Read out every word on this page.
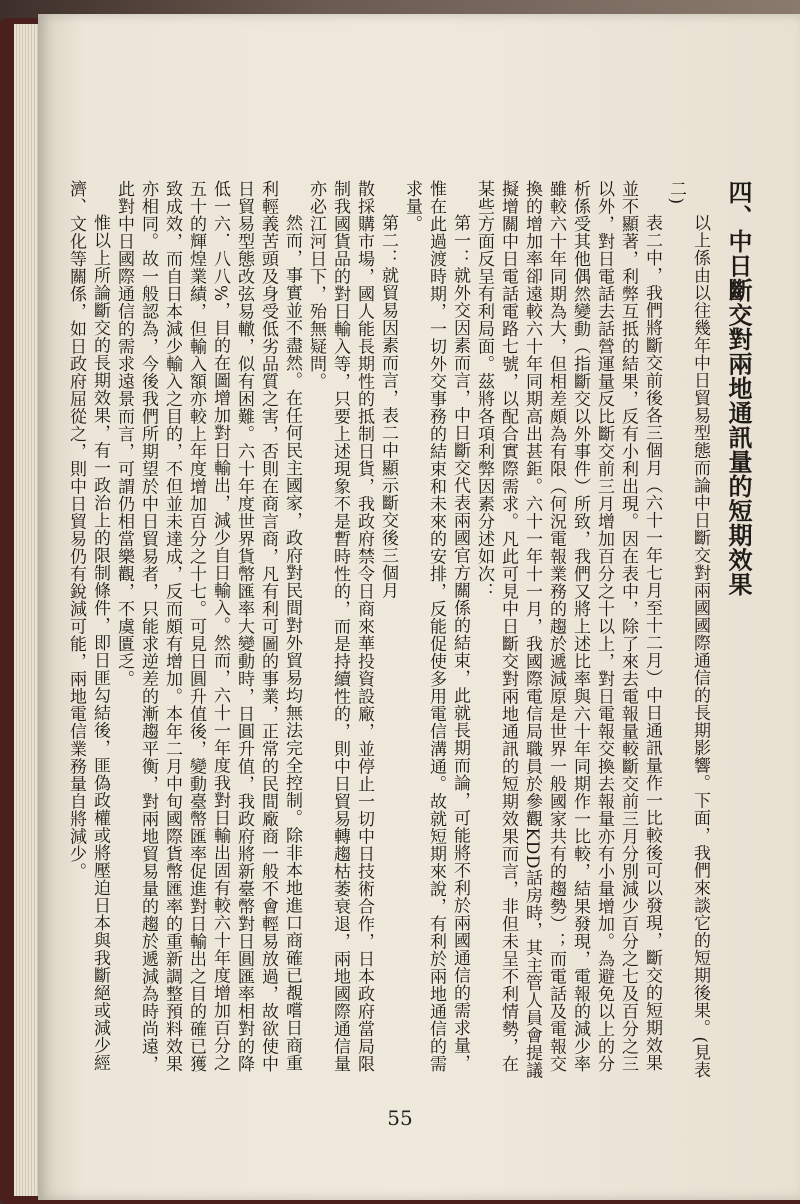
四、中日斷交對兩地通訊量的短期效果

以上係由以往幾年中日貿易型態而論中日斷交對兩國國際通信的長期影響。下面，我們來談它的短期後果。(見表二)

表二中，我們將斷交前後各三個月（六十一年七月至十二月）中日通訊量作一比較後可以發現，斷交的短期效果並不顯著，利弊互抵的結果，反有小利出現。因在表中，除了來去電報量較斷交前三月分別減少百分之七及百分之三以外，對日電話去話營運量反比斷交前三月增加百分之十以上，對日電報交換去報量亦有小量增加。為避免以上的分析係受其他偶然變動（指斷交以外事件）所致，我們又將上述比率與六十年同期作一比較，結果發現，電報的減少率雖較六十年同期為大，但相差頗為有限（何況電報業務的趨於遞減原是世界一般國家共有的趨勢）；而電話及電報交換的增加率卻遠較六十年同期高出甚鉅。六十一年十一月，我國際電信局職員於參觀KDD話房時，其主管人員會提議擬增關中日電話電路七號，以配合實際需求。凡此可見中日斷交對兩地通訊的短期效果而言，非但未呈不利情勢，在某些方面反呈有利局面。茲將各項利弊因素分述如次：

第一：就外交因素而言，中日斷交代表兩國官方關係的結束，此就長期而論，可能將不利於兩國通信的需求量，惟在此過渡時期，一切外交事務的結束和未來的安排，反能促使多用電信溝通。故就短期來說，有利於兩地通信的需求量。

第二：就貿易因素而言，表二中顯示斷交後三個月

散採購市場，國人能長期性的抵制日貨，我政府禁令日商來華投資設廠，並停止一切中日技術合作，日本政府當局限制我國貨品的對日輸入等，只要上述現象不是暫時性的，而是持續性的，則中日貿易轉趨枯萎衰退，兩地國際通信量亦必江河日下，殆無疑問。

然而，事實並不盡然。在任何民主國家，政府對民間對外貿易均無法完全控制。除非本地進口商確已覩嚐日商重利輕義苦頭及身受低劣品質之害，否則在商言商，凡有利可圖的事業，正常的民間廠商一般不會輕易放過，故欲使中日貿易型態改弦易轍，似有困難。六十年度世界貨幣匯率大變動時，日圓升值，我政府將新臺幣對日圓匯率相對的降低一六．八八%，目的在圖增加對日輸出，減少自日輸入。然而，六十一年度我對日輸出固有較六十年度增加百分之五十的輝煌業績，但輸入額亦較上年度增加百分之十七。可見日圓升值後，變動臺幣匯率促進對日輸出之目的確已獲致成效，而自日本減少輸入之目的，不但並未達成，反而頗有增加。本年二月中旬國際貨幣匯率的重新調整預料效果亦相同。故一般認為，今後我們所期望於中日貿易者，只能求逆差的漸趨平衡，對兩地貿易量的趨於遞減為時尚遠，此對中日國際通信的需求遠景而言，可謂仍相當樂觀，不虞匱乏。

惟以上所論斷交的長期效果，有一政治上的限制條件，即日匪勾結後，匪偽政權或將壓迫日本與我斷絕或減少經濟、文化等關係，如日政府屈從之，則中日貿易仍有銳減可能，兩地電信業務量自將減少。

55
